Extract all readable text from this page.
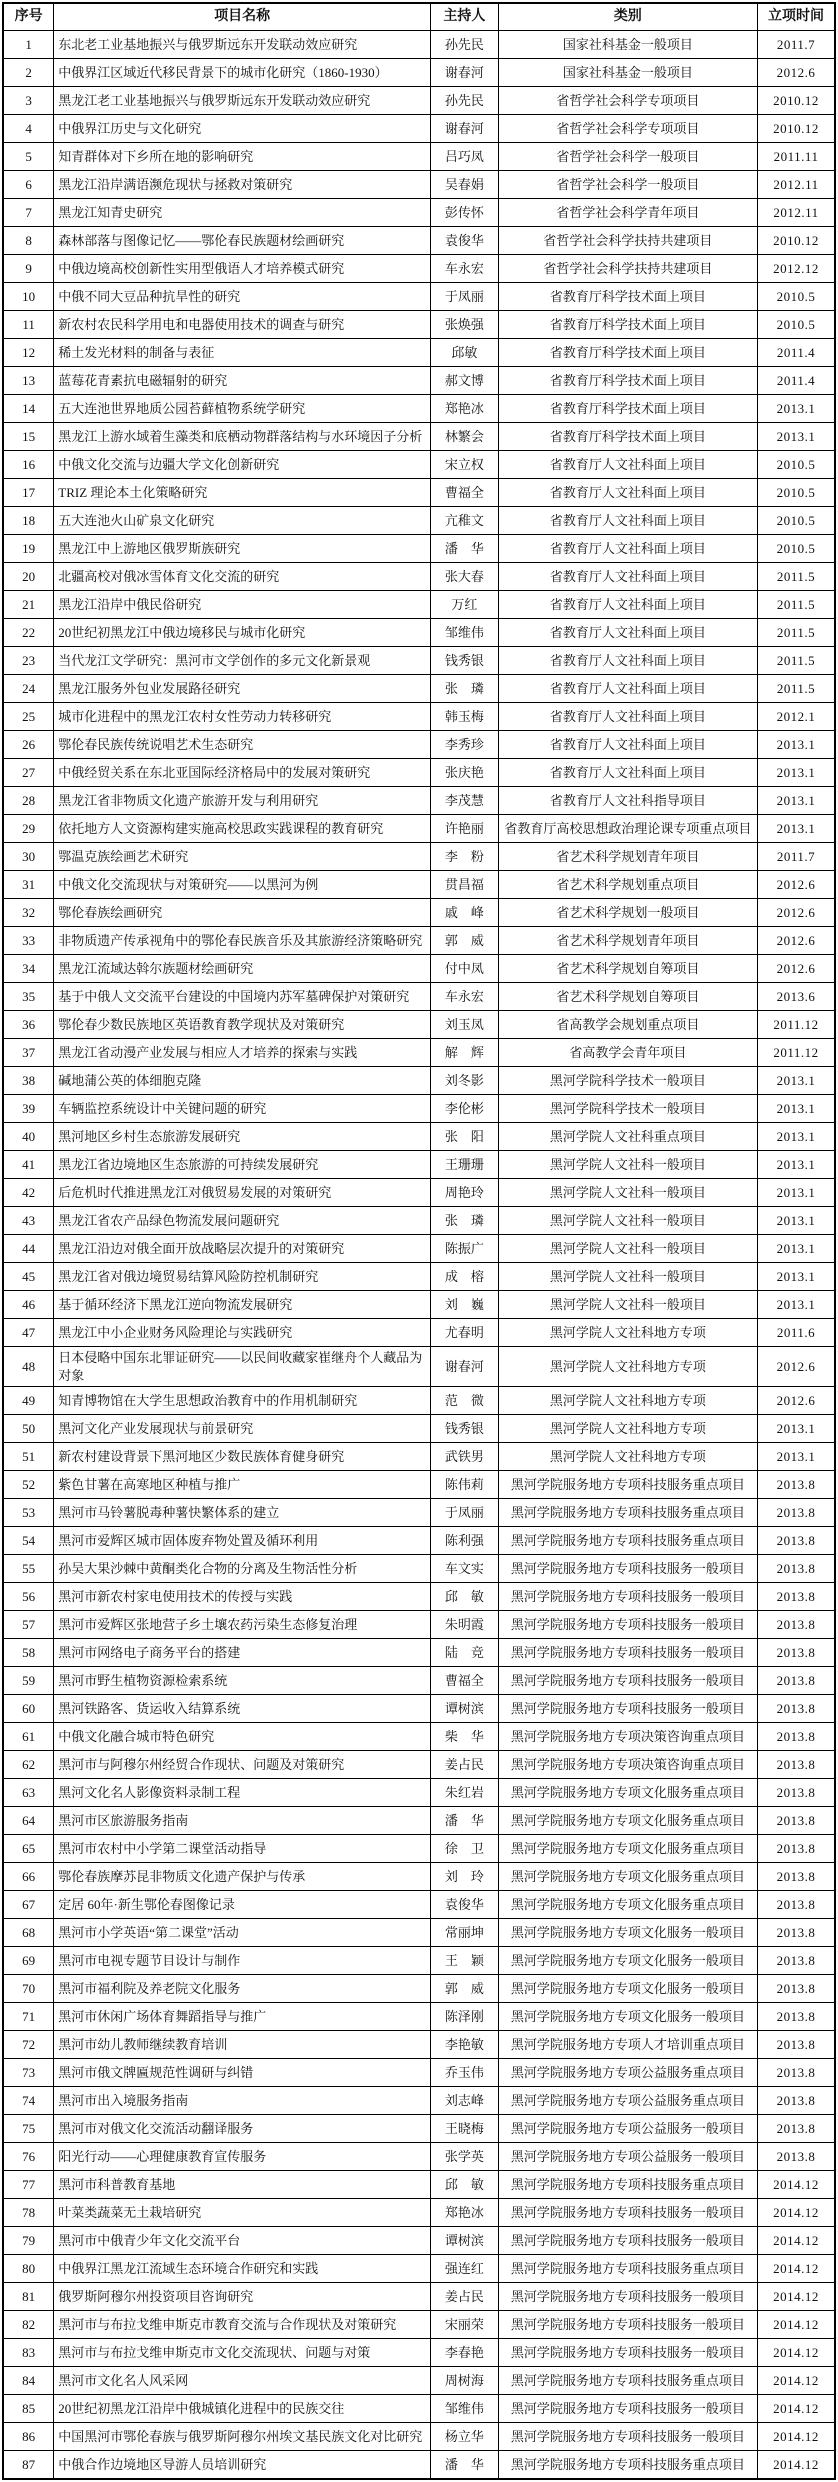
序号	项目名称	主持人	类别	立项时间
1	东北老工业基地振兴与俄罗斯远东开发联动效应研究	孙先民	国家社科基金一般项目	2011.7
2	中俄界江区域近代移民背景下的城市化研究（1860-1930）	谢春河	国家社科基金一般项目	2012.6
3	黑龙江老工业基地振兴与俄罗斯远东开发联动效应研究	孙先民	省哲学社会科学专项项目	2010.12
4	中俄界江历史与文化研究	谢春河	省哲学社会科学专项项目	2010.12
5	知青群体对下乡所在地的影响研究	吕巧凤	省哲学社会科学一般项目	2011.11
6	黑龙江沿岸满语濒危现状与拯救对策研究	吴春娟	省哲学社会科学一般项目	2012.11
7	黑龙江知青史研究	彭传怀	省哲学社会科学青年项目	2012.11
8	森林部落与图像记忆——鄂伦春民族题材绘画研究	袁俊华	省哲学社会科学扶持共建项目	2010.12
9	中俄边境高校创新性实用型俄语人才培养模式研究	车永宏	省哲学社会科学扶持共建项目	2012.12
10	中俄不同大豆品种抗旱性的研究	于凤丽	省教育厅科学技术面上项目	2010.5
11	新农村农民科学用电和电器使用技术的调查与研究	张焕强	省教育厅科学技术面上项目	2010.5
12	稀土发光材料的制备与表征	邱敏	省教育厅科学技术面上项目	2011.4
13	蓝莓花青素抗电磁辐射的研究	郝文博	省教育厅科学技术面上项目	2011.4
14	五大连池世界地质公园苔藓植物系统学研究	郑艳冰	省教育厅科学技术面上项目	2013.1
15	黑龙江上游水域着生藻类和底栖动物群落结构与水环境因子分析	林繁会	省教育厅科学技术面上项目	2013.1
16	中俄文化交流与边疆大学文化创新研究	宋立权	省教育厅人文社科面上项目	2010.5
17	TRIZ 理论本土化策略研究	曹福全	省教育厅人文社科面上项目	2010.5
18	五大连池火山矿泉文化研究	亢稚文	省教育厅人文社科面上项目	2010.5
19	黑龙江中上游地区俄罗斯族研究	潘　华	省教育厅人文社科面上项目	2010.5
20	北疆高校对俄冰雪体育文化交流的研究	张大春	省教育厅人文社科面上项目	2011.5
21	黑龙江沿岸中俄民俗研究	万红	省教育厅人文社科面上项目	2011.5
22	20世纪初黑龙江中俄边境移民与城市化研究	邹维伟	省教育厅人文社科面上项目	2011.5
23	当代龙江文学研究：黑河市文学创作的多元文化新景观	钱秀银	省教育厅人文社科面上项目	2011.5
24	黑龙江服务外包业发展路径研究	张　璘	省教育厅人文社科面上项目	2011.5
25	城市化进程中的黑龙江农村女性劳动力转移研究	韩玉梅	省教育厅人文社科面上项目	2012.1
26	鄂伦春民族传统说唱艺术生态研究	李秀珍	省教育厅人文社科面上项目	2013.1
27	中俄经贸关系在东北亚国际经济格局中的发展对策研究	张庆艳	省教育厅人文社科面上项目	2013.1
28	黑龙江省非物质文化遗产旅游开发与利用研究	李茂慧	省教育厅人文社科指导项目	2013.1
29	依托地方人文资源构建实施高校思政实践课程的教育研究	许艳丽	省教育厅高校思想政治理论课专项重点项目	2013.1
30	鄂温克族绘画艺术研究	李　粉	省艺术科学规划青年项目	2011.7
31	中俄文化交流现状与对策研究——以黑河为例	贯昌福	省艺术科学规划重点项目	2012.6
32	鄂伦春族绘画研究	戚　峰	省艺术科学规划一般项目	2012.6
33	非物质遗产传承视角中的鄂伦春民族音乐及其旅游经济策略研究	郭　威	省艺术科学规划青年项目	2012.6
34	黑龙江流域达斡尔族题材绘画研究	付中凤	省艺术科学规划自筹项目	2012.6
35	基于中俄人文交流平台建设的中国境内苏军墓碑保护对策研究	车永宏	省艺术科学规划自筹项目	2013.6
36	鄂伦春少数民族地区英语教育教学现状及对策研究	刘玉凤	省高教学会规划重点项目	2011.12
37	黑龙江省动漫产业发展与相应人才培养的探索与实践	解　辉	省高教学会青年项目	2011.12
38	碱地蒲公英的体细胞克隆	刘冬影	黑河学院科学技术一般项目	2013.1
39	车辆监控系统设计中关键问题的研究	李伦彬	黑河学院科学技术一般项目	2013.1
40	黑河地区乡村生态旅游发展研究	张　阳	黑河学院人文社科重点项目	2013.1
41	黑龙江省边境地区生态旅游的可持续发展研究	王珊珊	黑河学院人文社科一般项目	2013.1
42	后危机时代推进黑龙江对俄贸易发展的对策研究	周艳玲	黑河学院人文社科一般项目	2013.1
43	黑龙江省农产品绿色物流发展问题研究	张　璘	黑河学院人文社科一般项目	2013.1
44	黑龙江沿边对俄全面开放战略层次提升的对策研究	陈振广	黑河学院人文社科一般项目	2013.1
45	黑龙江省对俄边境贸易结算风险防控机制研究	成　榕	黑河学院人文社科一般项目	2013.1
46	基于循环经济下黑龙江逆向物流发展研究	刘　巍	黑河学院人文社科一般项目	2013.1
47	黑龙江中小企业财务风险理论与实践研究	尤春明	黑河学院人文社科地方专项	2011.6
48	日本侵略中国东北罪证研究——以民间收藏家崔继舟个人藏品为对象	谢春河	黑河学院人文社科地方专项	2012.6
49	知青博物馆在大学生思想政治教育中的作用机制研究	范　微	黑河学院人文社科地方专项	2012.6
50	黑河文化产业发展现状与前景研究	钱秀银	黑河学院人文社科地方专项	2013.1
51	新农村建设背景下黑河地区少数民族体育健身研究	武铁男	黑河学院人文社科地方专项	2013.1
52	紫色甘薯在高寒地区种植与推广	陈伟莉	黑河学院服务地方专项科技服务重点项目	2013.8
53	黑河市马铃薯脱毒种薯快繁体系的建立	于凤丽	黑河学院服务地方专项科技服务重点项目	2013.8
54	黑河市爱辉区城市固体废弃物处置及循环利用	陈利强	黑河学院服务地方专项科技服务重点项目	2013.8
55	孙吴大果沙棘中黄酮类化合物的分离及生物活性分析	车文实	黑河学院服务地方专项科技服务一般项目	2013.8
56	黑河市新农村家电使用技术的传授与实践	邱　敏	黑河学院服务地方专项科技服务一般项目	2013.8
57	黑河市爱辉区张地营子乡土壤农药污染生态修复治理	朱明霞	黑河学院服务地方专项科技服务一般项目	2013.8
58	黑河市网络电子商务平台的搭建	陆　竞	黑河学院服务地方专项科技服务一般项目	2013.8
59	黑河市野生植物资源检索系统	曹福全	黑河学院服务地方专项科技服务一般项目	2013.8
60	黑河铁路客、货运收入结算系统	谭树滨	黑河学院服务地方专项科技服务一般项目	2013.8
61	中俄文化融合城市特色研究	柴　华	黑河学院服务地方专项决策咨询重点项目	2013.8
62	黑河市与阿穆尔州经贸合作现状、问题及对策研究	姜占民	黑河学院服务地方专项决策咨询重点项目	2013.8
63	黑河文化名人影像资料录制工程	朱红岩	黑河学院服务地方专项文化服务重点项目	2013.8
64	黑河市区旅游服务指南	潘　华	黑河学院服务地方专项文化服务重点项目	2013.8
65	黑河市农村中小学第二课堂活动指导	徐　卫	黑河学院服务地方专项文化服务重点项目	2013.8
66	鄂伦春族摩苏昆非物质文化遗产保护与传承	刘　玲	黑河学院服务地方专项文化服务重点项目	2013.8
67	定居 60年·新生鄂伦春图像记录	袁俊华	黑河学院服务地方专项文化服务重点项目	2013.8
68	黑河市小学英语“第二课堂”活动	常丽坤	黑河学院服务地方专项文化服务一般项目	2013.8
69	黑河市电视专题节目设计与制作	王　颖	黑河学院服务地方专项文化服务一般项目	2013.8
70	黑河市福利院及养老院文化服务	郭　威	黑河学院服务地方专项文化服务一般项目	2013.8
71	黑河市休闲广场体育舞蹈指导与推广	陈泽刚	黑河学院服务地方专项文化服务一般项目	2013.8
72	黑河市幼儿教师继续教育培训	李艳敏	黑河学院服务地方专项人才培训重点项目	2013.8
73	黑河市俄文牌匾规范性调研与纠错	乔玉伟	黑河学院服务地方专项公益服务重点项目	2013.8
74	黑河市出入境服务指南	刘志峰	黑河学院服务地方专项公益服务重点项目	2013.8
75	黑河市对俄文化交流活动翻译服务	王晓梅	黑河学院服务地方专项公益服务一般项目	2013.8
76	阳光行动——心理健康教育宣传服务	张学英	黑河学院服务地方专项公益服务一般项目	2013.8
77	黑河市科普教育基地	邱　敏	黑河学院服务地方专项科技服务重点项目	2014.12
78	叶菜类蔬菜无土栽培研究	郑艳冰	黑河学院服务地方专项科技服务一般项目	2014.12
79	黑河市中俄青少年文化交流平台	谭树滨	黑河学院服务地方专项科技服务一般项目	2014.12
80	中俄界江黑龙江流域生态环境合作研究和实践	强连红	黑河学院服务地方专项科技服务重点项目	2014.12
81	俄罗斯阿穆尔州投资项目咨询研究	姜占民	黑河学院服务地方专项科技服务一般项目	2014.12
82	黑河市与布拉戈维申斯克市教育交流与合作现状及对策研究	宋丽荣	黑河学院服务地方专项科技服务一般项目	2014.12
83	黑河市与布拉戈维申斯克市文化交流现状、问题与对策	李春艳	黑河学院服务地方专项科技服务一般项目	2014.12
84	黑河市文化名人风采网	周树海	黑河学院服务地方专项科技服务重点项目	2014.12
85	20世纪初黑龙江沿岸中俄城镇化进程中的民族交往	邹维伟	黑河学院服务地方专项科技服务一般项目	2014.12
86	中国黑河市鄂伦春族与俄罗斯阿穆尔州埃文基民族文化对比研究	杨立华	黑河学院服务地方专项科技服务一般项目	2014.12
87	中俄合作边境地区导游人员培训研究	潘　华	黑河学院服务地方专项科技服务重点项目	2014.12
